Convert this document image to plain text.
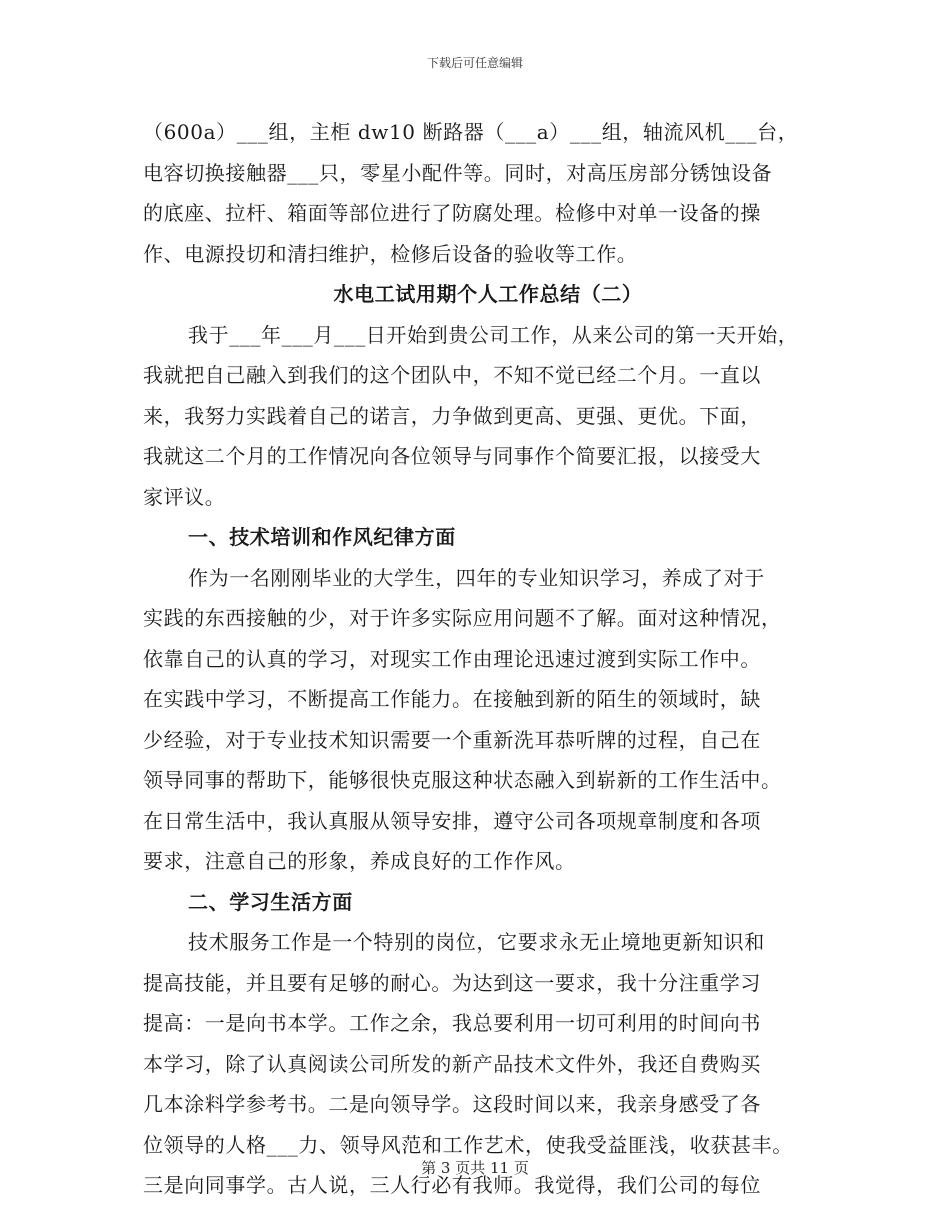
下载后可任意编辑
（600a）___组，主柜 dw10 断路器（___a）___组，轴流风机___台，
电容切换接触器___只，零星小配件等。同时，对高压房部分锈蚀设备
的底座、拉杆、箱面等部位进行了防腐处理。检修中对单一设备的操
作、电源投切和清扫维护，检修后设备的验收等工作。
水电工试用期个人工作总结（二）
我于___年___月___日开始到贵公司工作，从来公司的第一天开始，
我就把自己融入到我们的这个团队中，不知不觉已经二个月。一直以
来，我努力实践着自己的诺言，力争做到更高、更强、更优。下面，
我就这二个月的工作情况向各位领导与同事作个简要汇报，以接受大
家评议。
一、技术培训和作风纪律方面
作为一名刚刚毕业的大学生，四年的专业知识学习，养成了对于
实践的东西接触的少，对于许多实际应用问题不了解。面对这种情况，
依靠自己的认真的学习，对现实工作由理论迅速过渡到实际工作中。
在实践中学习，不断提高工作能力。在接触到新的陌生的领域时，缺
少经验，对于专业技术知识需要一个重新洗耳恭听牌的过程，自己在
领导同事的帮助下，能够很快克服这种状态融入到崭新的工作生活中。
在日常生活中，我认真服从领导安排，遵守公司各项规章制度和各项
要求，注意自己的形象，养成良好的工作作风。
二、学习生活方面
技术服务工作是一个特别的岗位，它要求永无止境地更新知识和
提高技能，并且要有足够的耐心。为达到这一要求，我十分注重学习
提高：一是向书本学。工作之余，我总要利用一切可利用的时间向书
本学习，除了认真阅读公司所发的新产品技术文件外，我还自费购买
几本涂料学参考书。二是向领导学。这段时间以来，我亲身感受了各
位领导的人格___力、领导风范和工作艺术，使我受益匪浅，收获甚丰。
三是向同事学。古人说，三人行必有我师。我觉得，我们公司的每位
第 3 页共 11 页
